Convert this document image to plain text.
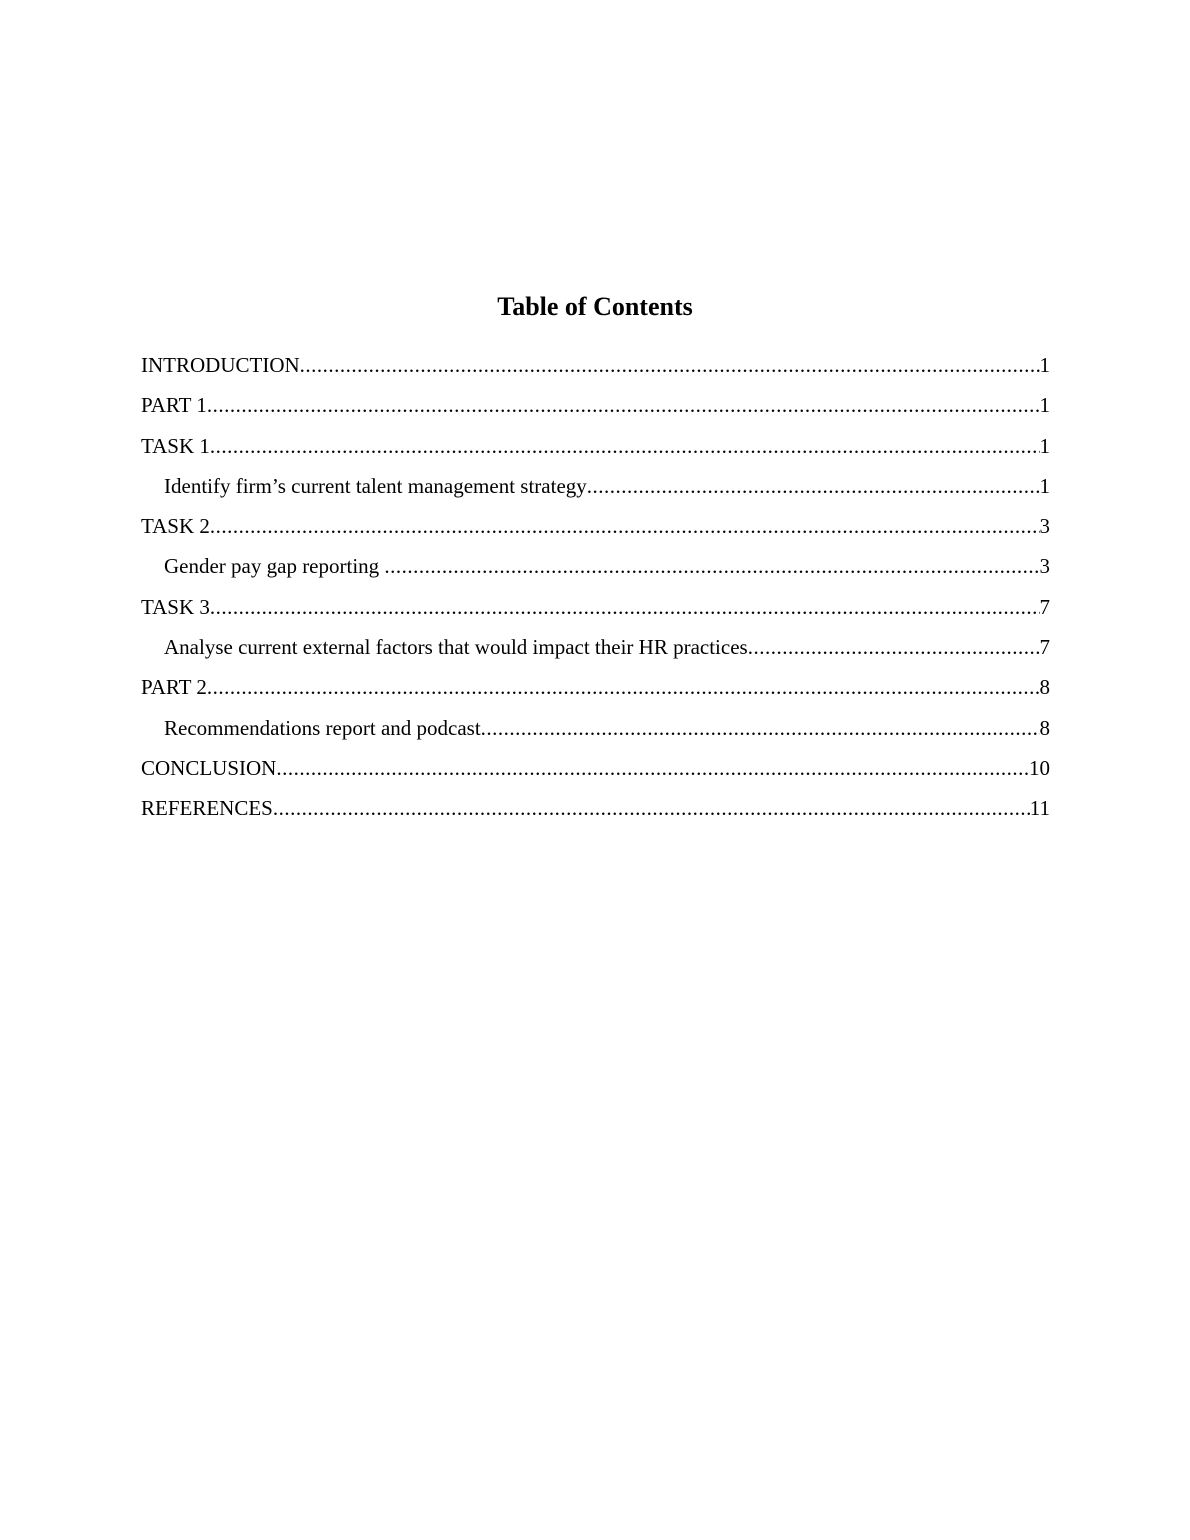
Table of Contents
INTRODUCTION .....	1
PART 1 .....	1
TASK 1 .....	1
Identify firm’s current talent management strategy .....	1
TASK 2 .....	3
Gender pay gap reporting .....	3
TASK 3 .....	7
Analyse current external factors that would impact their HR practices .....	7
PART 2 .....	8
Recommendations report and podcast .....	8
CONCLUSION .....	10
REFERENCES .....	11
